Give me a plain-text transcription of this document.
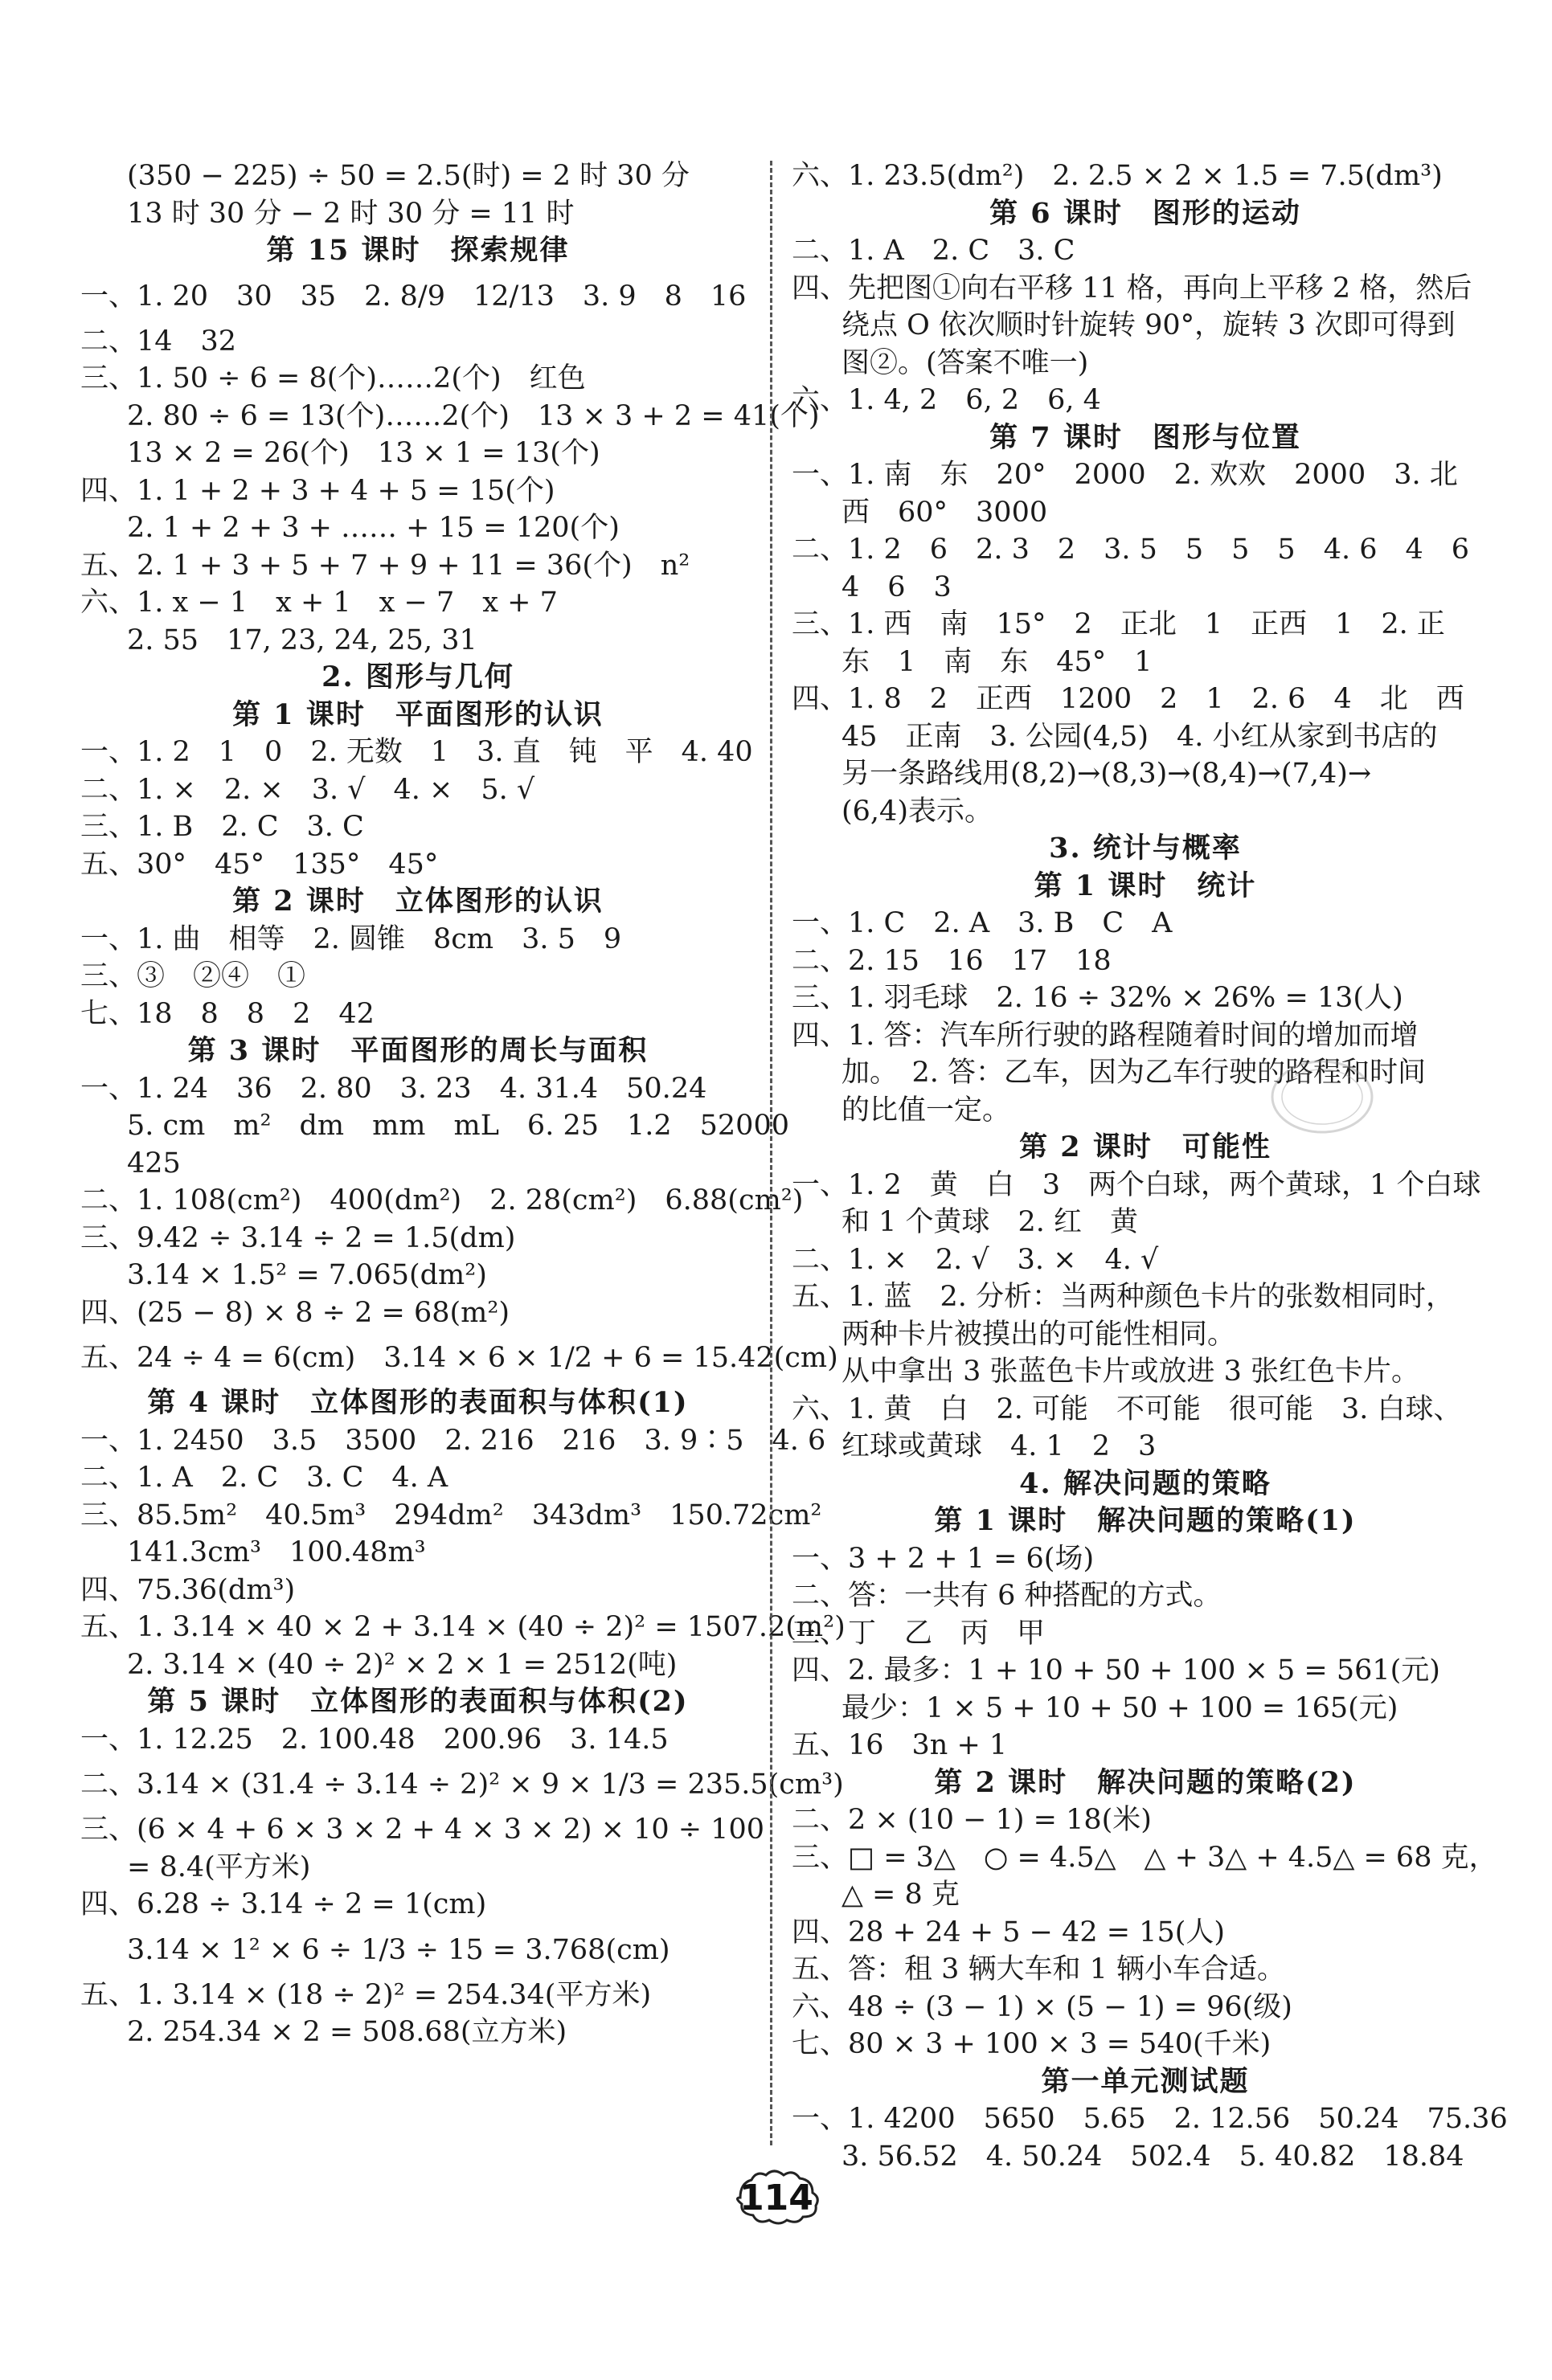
(350 − 225) ÷ 50 = 2.5(时) = 2 时 30 分
13 时 30 分 − 2 时 30 分 = 11 时
第 15 课时　探索规律
一、1. 20　30　35　2. 8/9　12/13　3. 9　8　16
二、14　32
三、1. 50 ÷ 6 = 8(个)……2(个)　红色
2. 80 ÷ 6 = 13(个)……2(个)　13 × 3 + 2 = 41(个)
13 × 2 = 26(个)　13 × 1 = 13(个)
四、1. 1 + 2 + 3 + 4 + 5 = 15(个)
2. 1 + 2 + 3 + …… + 15 = 120(个)
五、2. 1 + 3 + 5 + 7 + 9 + 11 = 36(个)　n²
六、1. x − 1　x + 1　x − 7　x + 7
2. 55　17, 23, 24, 25, 31
2. 图形与几何
第 1 课时　平面图形的认识
一、1. 2　1　0　2. 无数　1　3. 直　钝　平　4. 40
二、1. ×　2. ×　3. √　4. ×　5. √
三、1. B　2. C　3. C
五、30°　45°　135°　45°
第 2 课时　立体图形的认识
一、1. 曲　相等　2. 圆锥　8cm　3. 5　9
三、③　②④　①
七、18　8　8　2　42
第 3 课时　平面图形的周长与面积
一、1. 24　36　2. 80　3. 23　4. 31.4　50.24
5. cm　m²　dm　mm　mL　6. 25　1.2　52000
425
二、1. 108(cm²)　400(dm²)　2. 28(cm²)　6.88(cm²)
三、9.42 ÷ 3.14 ÷ 2 = 1.5(dm)
3.14 × 1.5² = 7.065(dm²)
四、(25 − 8) × 8 ÷ 2 = 68(m²)
五、24 ÷ 4 = 6(cm)　3.14 × 6 × 1/2 + 6 = 15.42(cm)
第 4 课时　立体图形的表面积与体积(1)
一、1. 2450　3.5　3500　2. 216　216　3. 9∶5　4. 6
二、1. A　2. C　3. C　4. A
三、85.5m²　40.5m³　294dm²　343dm³　150.72cm²
141.3cm³　100.48m³
四、75.36(dm³)
五、1. 3.14 × 40 × 2 + 3.14 × (40 ÷ 2)² = 1507.2(m²)
2. 3.14 × (40 ÷ 2)² × 2 × 1 = 2512(吨)
第 5 课时　立体图形的表面积与体积(2)
一、1. 12.25　2. 100.48　200.96　3. 14.5
二、3.14 × (31.4 ÷ 3.14 ÷ 2)² × 9 × 1/3 = 235.5(cm³)
三、(6 × 4 + 6 × 3 × 2 + 4 × 3 × 2) × 10 ÷ 100
= 8.4(平方米)
四、6.28 ÷ 3.14 ÷ 2 = 1(cm)
3.14 × 1² × 6 ÷ 1/3 ÷ 15 = 3.768(cm)
五、1. 3.14 × (18 ÷ 2)² = 254.34(平方米)
2. 254.34 × 2 = 508.68(立方米)
六、1. 23.5(dm²)　2. 2.5 × 2 × 1.5 = 7.5(dm³)
第 6 课时　图形的运动
二、1. A　2. C　3. C
四、先把图①向右平移 11 格，再向上平移 2 格，然后
绕点 O 依次顺时针旋转 90°，旋转 3 次即可得到
图②。(答案不唯一)
六、1. 4, 2　6, 2　6, 4
第 7 课时　图形与位置
一、1. 南　东　20°　2000　2. 欢欢　2000　3. 北
西　60°　3000
二、1. 2　6　2. 3　2　3. 5　5　5　5　4. 6　4　6
4　6　3
三、1. 西　南　15°　2　正北　1　正西　1　2. 正
东　1　南　东　45°　1
四、1. 8　2　正西　1200　2　1　2. 6　4　北　西
45　正南　3. 公园(4,5)　4. 小红从家到书店的
另一条路线用(8,2)→(8,3)→(8,4)→(7,4)→
(6,4)表示。
3. 统计与概率
第 1 课时　统计
一、1. C　2. A　3. B　C　A
二、2. 15　16　17　18
三、1. 羽毛球　2. 16 ÷ 32% × 26% = 13(人)
四、1. 答：汽车所行驶的路程随着时间的增加而增
加。　2. 答：乙车，因为乙车行驶的路程和时间
的比值一定。
第 2 课时　可能性
一、1. 2　黄　白　3　两个白球，两个黄球，1 个白球
和 1 个黄球　2. 红　黄
二、1. ×　2. √　3. ×　4. √
五、1. 蓝　2. 分析：当两种颜色卡片的张数相同时，
两种卡片被摸出的可能性相同。
从中拿出 3 张蓝色卡片或放进 3 张红色卡片。
六、1. 黄　白　2. 可能　不可能　很可能　3. 白球、
红球或黄球　4. 1　2　3
4. 解决问题的策略
第 1 课时　解决问题的策略(1)
一、3 + 2 + 1 = 6(场)
二、答：一共有 6 种搭配的方式。
三、丁　乙　丙　甲
四、2. 最多：1 + 10 + 50 + 100 × 5 = 561(元)
最少：1 × 5 + 10 + 50 + 100 = 165(元)
五、16　3n + 1
第 2 课时　解决问题的策略(2)
二、2 × (10 − 1) = 18(米)
三、□ = 3△　○ = 4.5△　△ + 3△ + 4.5△ = 68 克，
△ = 8 克
四、28 + 24 + 5 − 42 = 15(人)
五、答：租 3 辆大车和 1 辆小车合适。
六、48 ÷ (3 − 1) × (5 − 1) = 96(级)
七、80 × 3 + 100 × 3 = 540(千米)
第一单元测试题
一、1. 4200　5650　5.65　2. 12.56　50.24　75.36
3. 56.52　4. 50.24　502.4　5. 40.82　18.84
114
